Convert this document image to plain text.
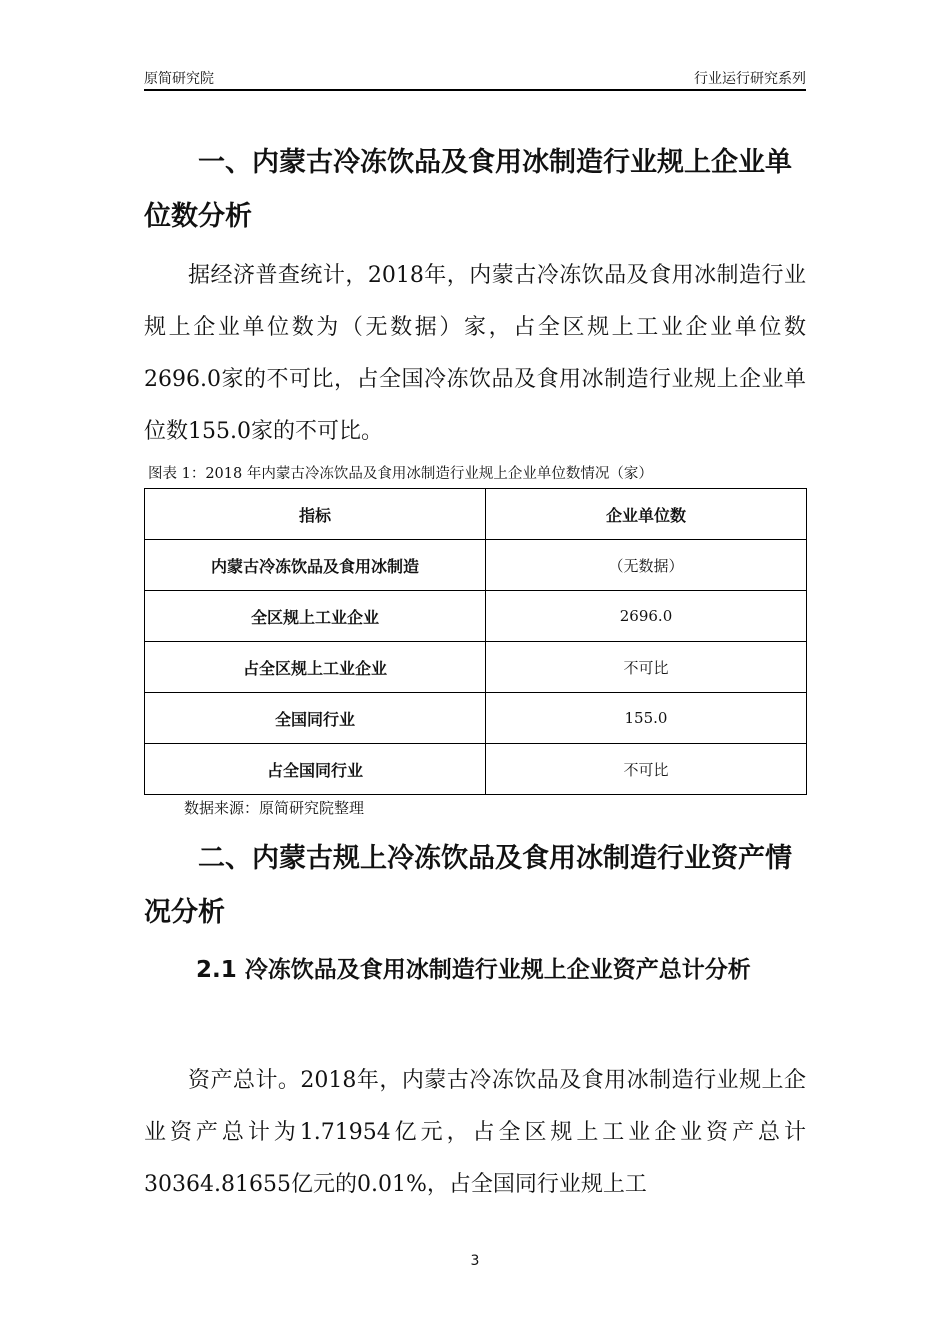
原简研究院	行业运行研究系列

一、内蒙古冷冻饮品及食用冰制造行业规上企业单位数分析

据经济普查统计，2018年，内蒙古冷冻饮品及食用冰制造行业规上企业单位数为（无数据）家，占全区规上工业企业单位数2696.0家的不可比，占全国冷冻饮品及食用冰制造行业规上企业单位数155.0家的不可比。

图表 1：2018 年内蒙古冷冻饮品及食用冰制造行业规上企业单位数情况（家）
指标	企业单位数
内蒙古冷冻饮品及食用冰制造	（无数据）
全区规上工业企业	2696.0
占全区规上工业企业	不可比
全国同行业	155.0
占全国同行业	不可比
数据来源：原简研究院整理

二、内蒙古规上冷冻饮品及食用冰制造行业资产情况分析

2.1 冷冻饮品及食用冰制造行业规上企业资产总计分析

资产总计。2018年，内蒙古冷冻饮品及食用冰制造行业规上企业资产总计为1.71954亿元，占全区规上工业企业资产总计30364.81655亿元的0.01%，占全国同行业规上工

3
